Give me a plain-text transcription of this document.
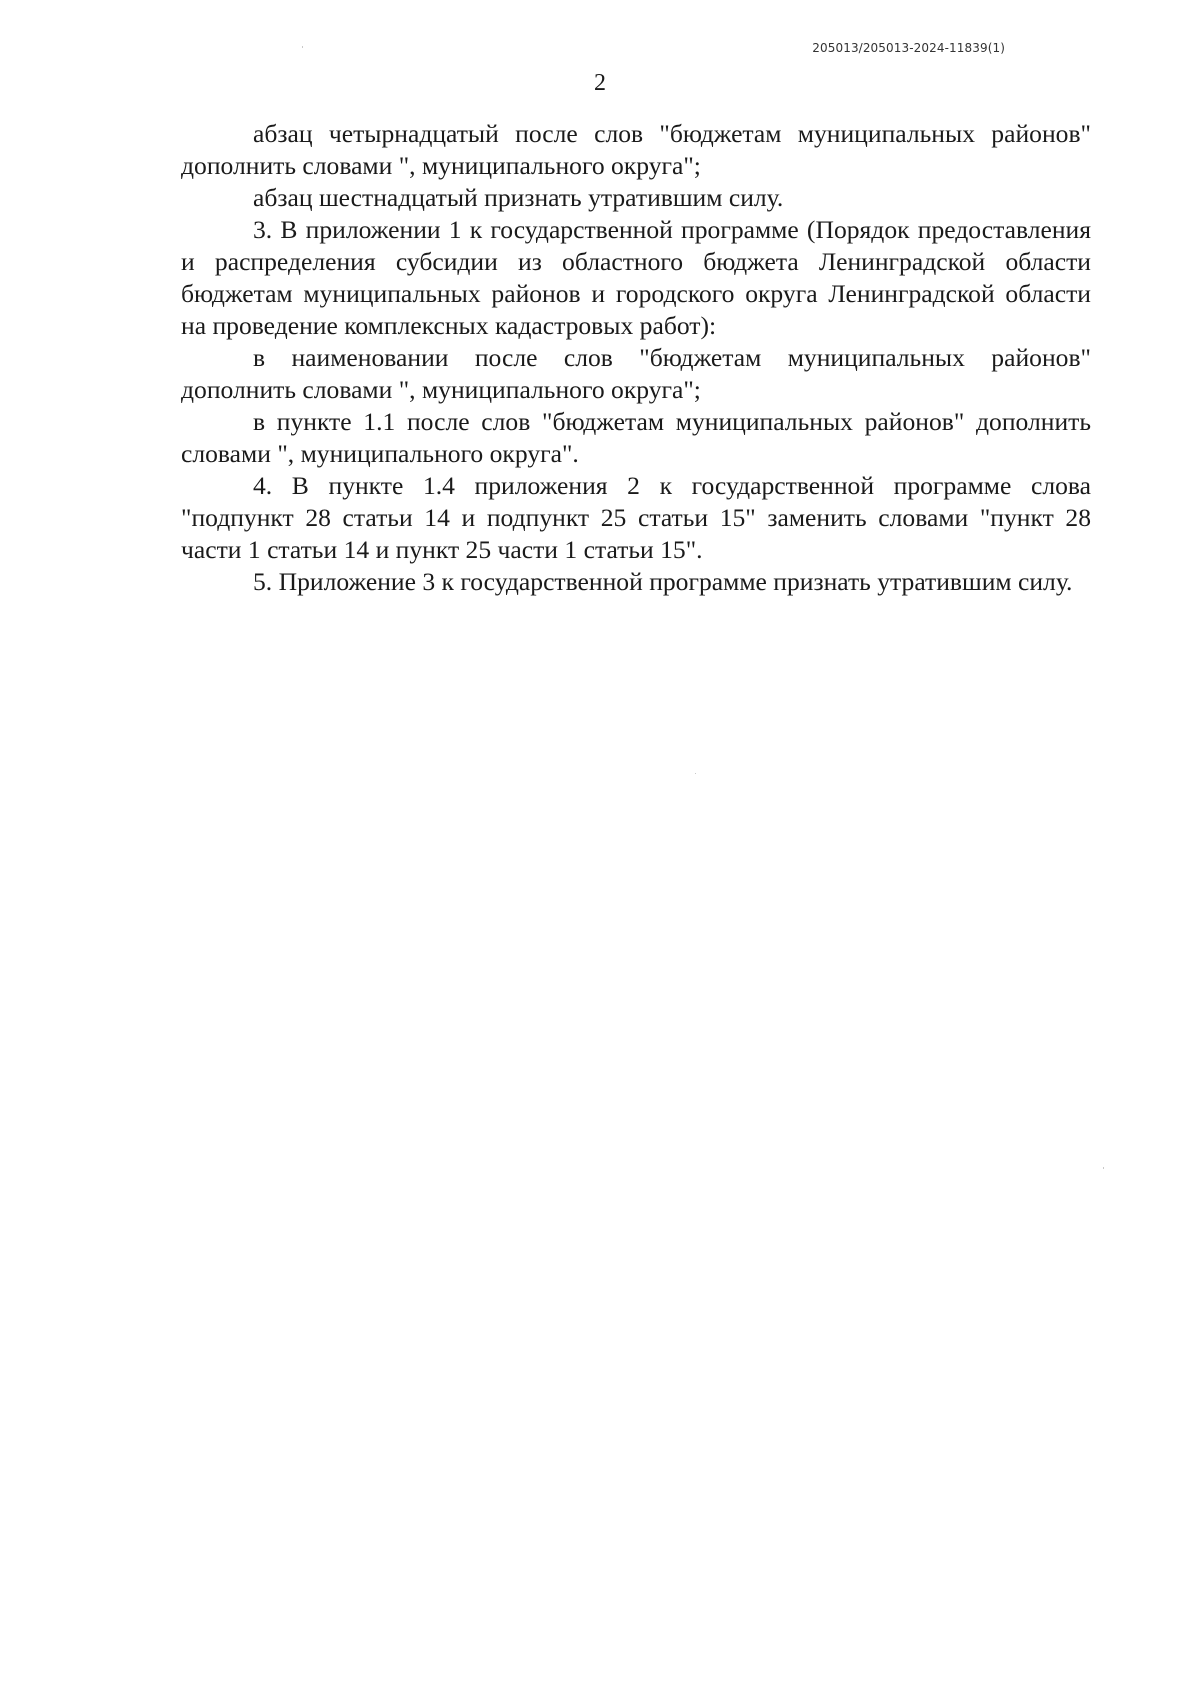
205013/205013-2024-11839(1)
2

абзац четырнадцатый после слов "бюджетам муниципальных районов" дополнить словами ", муниципального округа";

абзац шестнадцатый признать утратившим силу.

3. В приложении 1 к государственной программе (Порядок предоставления и распределения субсидии из областного бюджета Ленинградской области бюджетам муниципальных районов и городского округа Ленинградской области на проведение комплексных кадастровых работ):

в наименовании после слов "бюджетам муниципальных районов" дополнить словами ", муниципального округа";

в пункте 1.1 после слов "бюджетам муниципальных районов" дополнить словами ", муниципального округа".

4. В пункте 1.4 приложения 2 к государственной программе слова "подпункт 28 статьи 14 и подпункт 25 статьи 15" заменить словами "пункт 28 части 1 статьи 14 и пункт 25 части 1 статьи 15".

5. Приложение 3 к государственной программе признать утратившим силу.
